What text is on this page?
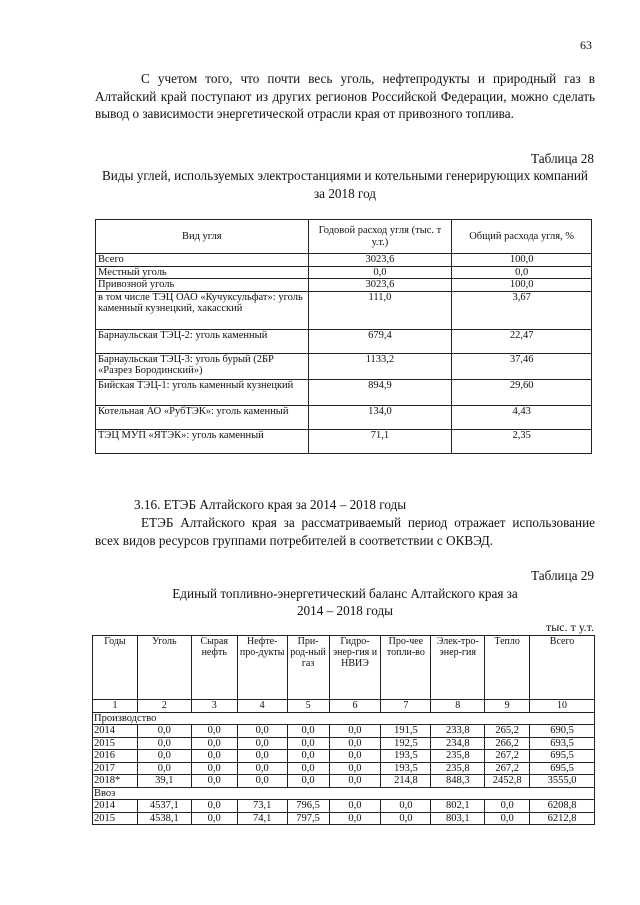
63

С учетом того, что почти весь уголь, нефтепродукты и природный газ в Алтайский край поступают из других регионов Российской Федерации, можно сделать вывод о зависимости энергетической отрасли края от привозного топлива.

Таблица 28
Виды углей, используемых электростанциями и котельными генерирующих компаний за 2018 год
Вид угля	Годовой расход угля (тыс. т у.т.)	Общий расхода угля, %
Всего	3023,6	100,0
Местный уголь	0,0	0,0
Привозной уголь	3023,6	100,0
в том числе ТЭЦ ОАО «Кучуксульфат»: уголь каменный кузнецкий, хакасский	111,0	3,67
Барнаульская ТЭЦ-2: уголь каменный	679,4	22,47
Барнаульская ТЭЦ-3: уголь бурый (2БР «Разрез Бородинский»)	1133,2	37,46
Бийская ТЭЦ-1: уголь каменный кузнецкий	894,9	29,60
Котельная АО «РубТЭК»: уголь каменный	134,0	4,43
ТЭЦ МУП «ЯТЭК»: уголь каменный	71,1	2,35
3.16. ЕТЭБ Алтайского края за 2014 – 2018 годы

ЕТЭБ Алтайского края за рассматриваемый период отражает использование всех видов ресурсов группами потребителей в соответствии с ОКВЭД.

Таблица 29
Единый топливно-энергетический баланс Алтайского края за
2014 – 2018 годы
тыс. т у.т.
Годы	Уголь	Сырая нефть	Нефте-про-дукты	При-род-ный газ	Гидро-энер-гия и НВИЭ	Про-чее топли-во	Элек-тро-энер-гия	Тепло	Всего
1	2	3	4	5	6	7	8	9	10
Производство									
2014	0,0	0,0	0,0	0,0	0,0	191,5	233,8	265,2	690,5
2015	0,0	0,0	0,0	0,0	0,0	192,5	234,8	266,2	693,5
2016	0,0	0,0	0,0	0,0	0,0	193,5	235,8	267,2	695,5
2017	0,0	0,0	0,0	0,0	0,0	193,5	235,8	267,2	695,5
2018*	39,1	0,0	0,0	0,0	0,0	214,8	848,3	2452,8	3555,0
Ввоз									
2014	4537,1	0,0	73,1	796,5	0,0	0,0	802,1	0,0	6208,8
2015	4538,1	0,0	74,1	797,5	0,0	0,0	803,1	0,0	6212,8
